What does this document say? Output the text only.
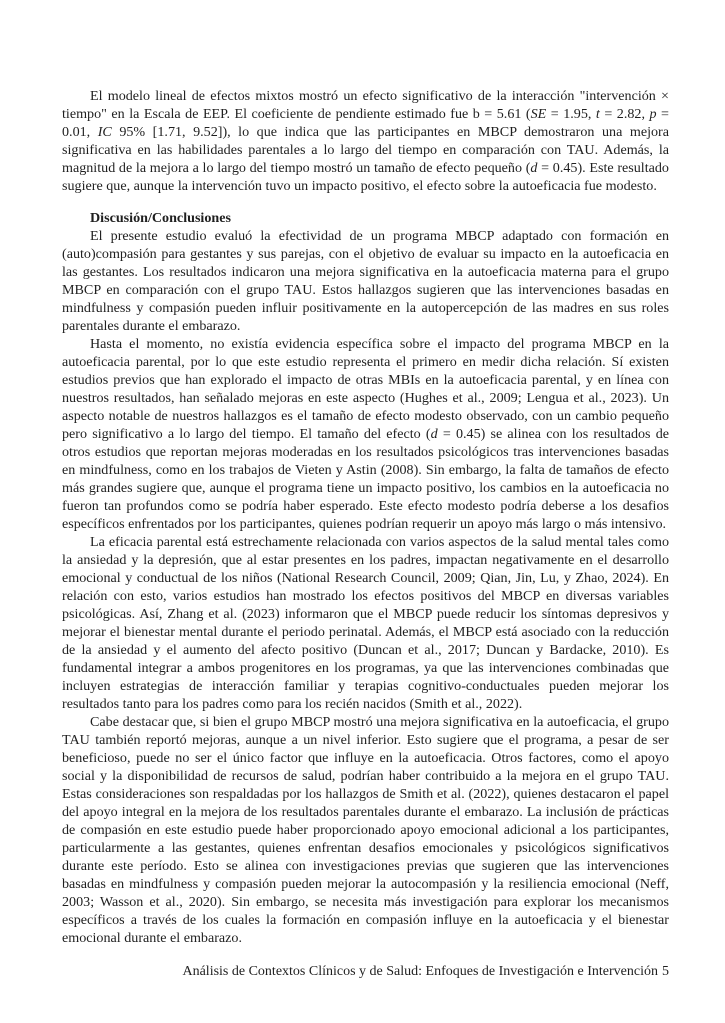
El modelo lineal de efectos mixtos mostró un efecto significativo de la interacción "intervención × tiempo" en la Escala de EEP. El coeficiente de pendiente estimado fue b = 5.61 (SE = 1.95, t = 2.82, p = 0.01, IC 95% [1.71, 9.52]), lo que indica que las participantes en MBCP demostraron una mejora significativa en las habilidades parentales a lo largo del tiempo en comparación con TAU. Además, la magnitud de la mejora a lo largo del tiempo mostró un tamaño de efecto pequeño (d = 0.45). Este resultado sugiere que, aunque la intervención tuvo un impacto positivo, el efecto sobre la autoeficacia fue modesto.

Discusión/Conclusiones

El presente estudio evaluó la efectividad de un programa MBCP adaptado con formación en (auto)compasión para gestantes y sus parejas, con el objetivo de evaluar su impacto en la autoeficacia en las gestantes. Los resultados indicaron una mejora significativa en la autoeficacia materna para el grupo MBCP en comparación con el grupo TAU. Estos hallazgos sugieren que las intervenciones basadas en mindfulness y compasión pueden influir positivamente en la autopercepción de las madres en sus roles parentales durante el embarazo.

Hasta el momento, no existía evidencia específica sobre el impacto del programa MBCP en la autoeficacia parental, por lo que este estudio representa el primero en medir dicha relación. Sí existen estudios previos que han explorado el impacto de otras MBIs en la autoeficacia parental, y en línea con nuestros resultados, han señalado mejoras en este aspecto (Hughes et al., 2009; Lengua et al., 2023). Un aspecto notable de nuestros hallazgos es el tamaño de efecto modesto observado, con un cambio pequeño pero significativo a lo largo del tiempo. El tamaño del efecto (d = 0.45) se alinea con los resultados de otros estudios que reportan mejoras moderadas en los resultados psicológicos tras intervenciones basadas en mindfulness, como en los trabajos de Vieten y Astin (2008). Sin embargo, la falta de tamaños de efecto más grandes sugiere que, aunque el programa tiene un impacto positivo, los cambios en la autoeficacia no fueron tan profundos como se podría haber esperado. Este efecto modesto podría deberse a los desafios específicos enfrentados por los participantes, quienes podrían requerir un apoyo más largo o más intensivo.

La eficacia parental está estrechamente relacionada con varios aspectos de la salud mental tales como la ansiedad y la depresión, que al estar presentes en los padres, impactan negativamente en el desarrollo emocional y conductual de los niños (National Research Council, 2009; Qian, Jin, Lu, y Zhao, 2024). En relación con esto, varios estudios han mostrado los efectos positivos del MBCP en diversas variables psicológicas. Así, Zhang et al. (2023) informaron que el MBCP puede reducir los síntomas depresivos y mejorar el bienestar mental durante el periodo perinatal. Además, el MBCP está asociado con la reducción de la ansiedad y el aumento del afecto positivo (Duncan et al., 2017; Duncan y Bardacke, 2010). Es fundamental integrar a ambos progenitores en los programas, ya que las intervenciones combinadas que incluyen estrategias de interacción familiar y terapias cognitivo-conductuales pueden mejorar los resultados tanto para los padres como para los recién nacidos (Smith et al., 2022).

Cabe destacar que, si bien el grupo MBCP mostró una mejora significativa en la autoeficacia, el grupo TAU también reportó mejoras, aunque a un nivel inferior. Esto sugiere que el programa, a pesar de ser beneficioso, puede no ser el único factor que influye en la autoeficacia. Otros factores, como el apoyo social y la disponibilidad de recursos de salud, podrían haber contribuido a la mejora en el grupo TAU. Estas consideraciones son respaldadas por los hallazgos de Smith et al. (2022), quienes destacaron el papel del apoyo integral en la mejora de los resultados parentales durante el embarazo. La inclusión de prácticas de compasión en este estudio puede haber proporcionado apoyo emocional adicional a los participantes, particularmente a las gestantes, quienes enfrentan desafios emocionales y psicológicos significativos durante este período. Esto se alinea con investigaciones previas que sugieren que las intervenciones basadas en mindfulness y compasión pueden mejorar la autocompasión y la resiliencia emocional (Neff, 2003; Wasson et al., 2020). Sin embargo, se necesita más investigación para explorar los mecanismos específicos a través de los cuales la formación en compasión influye en la autoeficacia y el bienestar emocional durante el embarazo.

Análisis de Contextos Clínicos y de Salud: Enfoques de Investigación e Intervención 5
